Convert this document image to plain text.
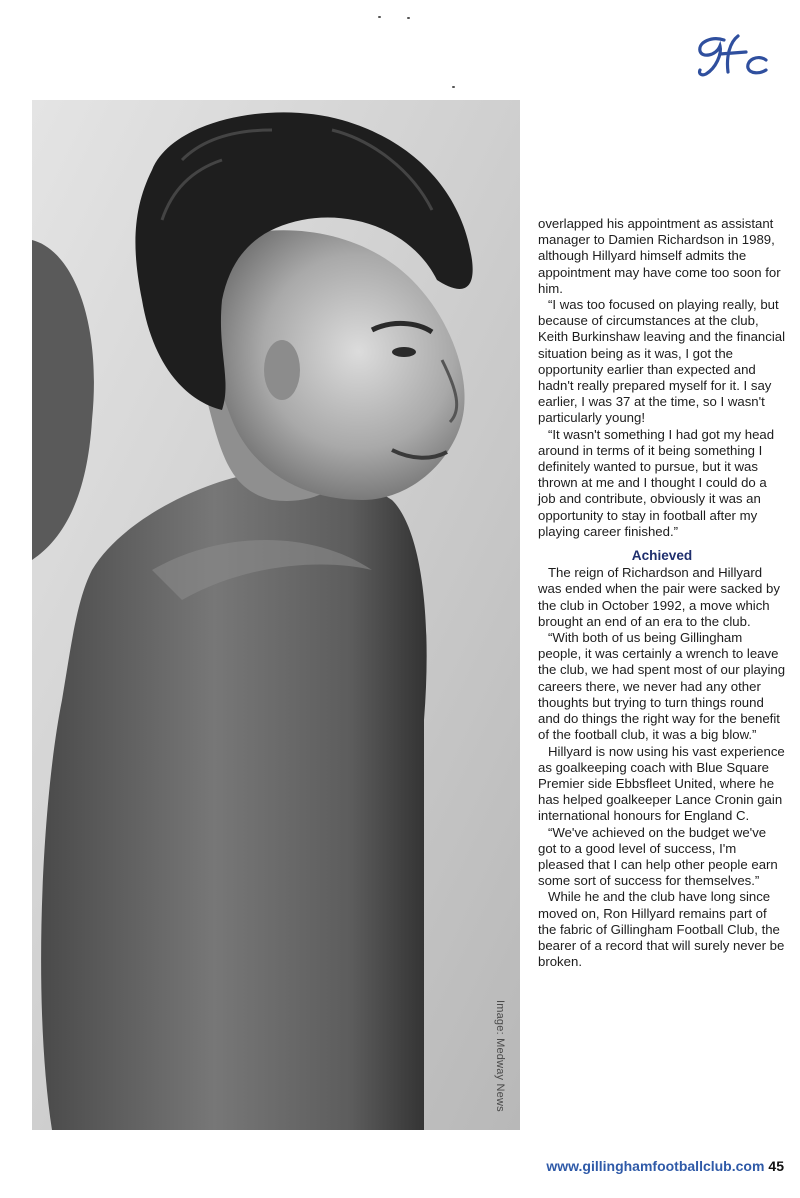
Image: Medway News

overlapped his appointment as assistant manager to Damien Richardson in 1989, although Hillyard himself admits the appointment may have come too soon for him.

“I was too focused on playing really, but because of circumstances at the club, Keith Burkinshaw leaving and the financial situation being as it was, I got the opportunity earlier than expected and hadn't really prepared myself for it. I say earlier, I was 37 at the time, so I wasn't particularly young!

“It wasn't something I had got my head around in terms of it being something I definitely wanted to pursue, but it was thrown at me and I thought I could do a job and contribute, obviously it was an opportunity to stay in football after my playing career finished.”

Achieved

The reign of Richardson and Hillyard was ended when the pair were sacked by the club in October 1992, a move which brought an end of an era to the club.

“With both of us being Gillingham people, it was certainly a wrench to leave the club, we had spent most of our playing careers there, we never had any other thoughts but trying to turn things round and do things the right way for the benefit of the football club, it was a big blow.”

Hillyard is now using his vast experience as goalkeeping coach with Blue Square Premier side Ebbsfleet United, where he has helped goalkeeper Lance Cronin gain international honours for England C.

“We've achieved on the budget we've got to a good level of success, I'm pleased that I can help other people earn some sort of success for themselves.”

While he and the club have long since moved on, Ron Hillyard remains part of the fabric of Gillingham Football Club, the bearer of a record that will surely never be broken.

www.gillinghamfootballclub.com 45
